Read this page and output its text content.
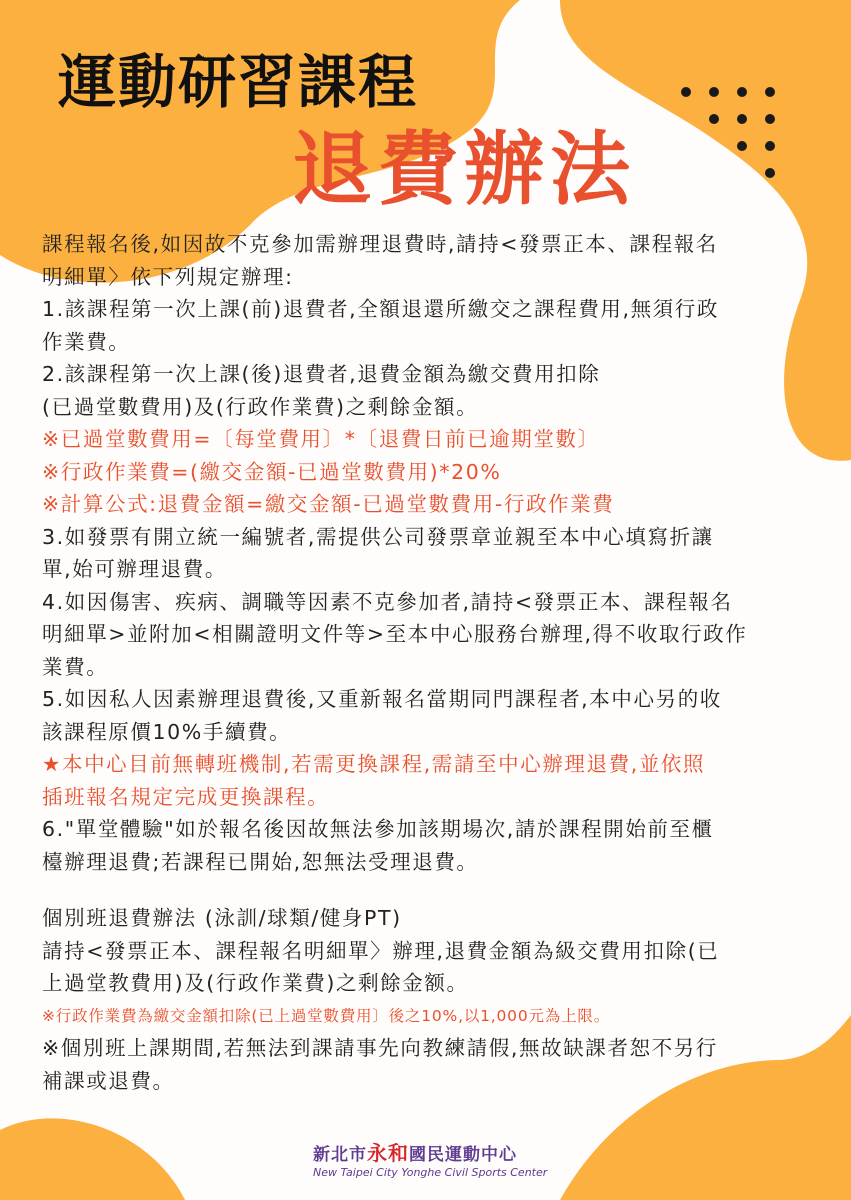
運動研習課程
退費辦法

課程報名後,如因故不克參加需辦理退費時,請持<發票正本、課程報名

明細單〉依下列規定辦理:

1.該課程第一次上課(前)退費者,全額退還所繳交之課程費用,無須行政

作業費。

2.該課程第一次上課(後)退費者,退費金額為繳交費用扣除

(已過堂數費用)及(行政作業費)之剩餘金額。

※已過堂數費用=〔每堂費用〕*〔退費日前已逾期堂數〕

※行政作業費=(繳交金額-已過堂數費用)*20%

※計算公式:退費金額=繳交金額-已過堂數費用-行政作業費

3.如發票有開立統一編號者,需提供公司發票章並親至本中心填寫折讓

單,始可辦理退費。

4.如因傷害、疾病、調職等因素不克參加者,請持<發票正本、課程報名

明細單>並附加<相關證明文件等>至本中心服務台辦理,得不收取行政作

業費。

5.如因私人因素辦理退費後,又重新報名當期同門課程者,本中心另的收

該課程原價10%手續費。

★本中心目前無轉班機制,若需更換課程,需請至中心辦理退費,並依照

插班報名規定完成更換課程。

6."單堂體驗"如於報名後因故無法參加該期場次,請於課程開始前至櫃

檯辦理退費;若課程已開始,恕無法受理退費。

個別班退費辦法 (泳訓/球類/健身PT)

請持<發票正本、課程報名明細單〉辦理,退費金額為級交費用扣除(已

上過堂教費用)及(行政作業費)之剩餘金额。

※行政作業費為繳交金額扣除(已上過堂數費用〕後之10%,以1,000元為上限。

※個別班上課期間,若無法到課請事先向教練請假,無故缺課者恕不另行

補課或退費。

新北市永和國民運動中心

New Taipei City Yonghe Civil Sports Center
